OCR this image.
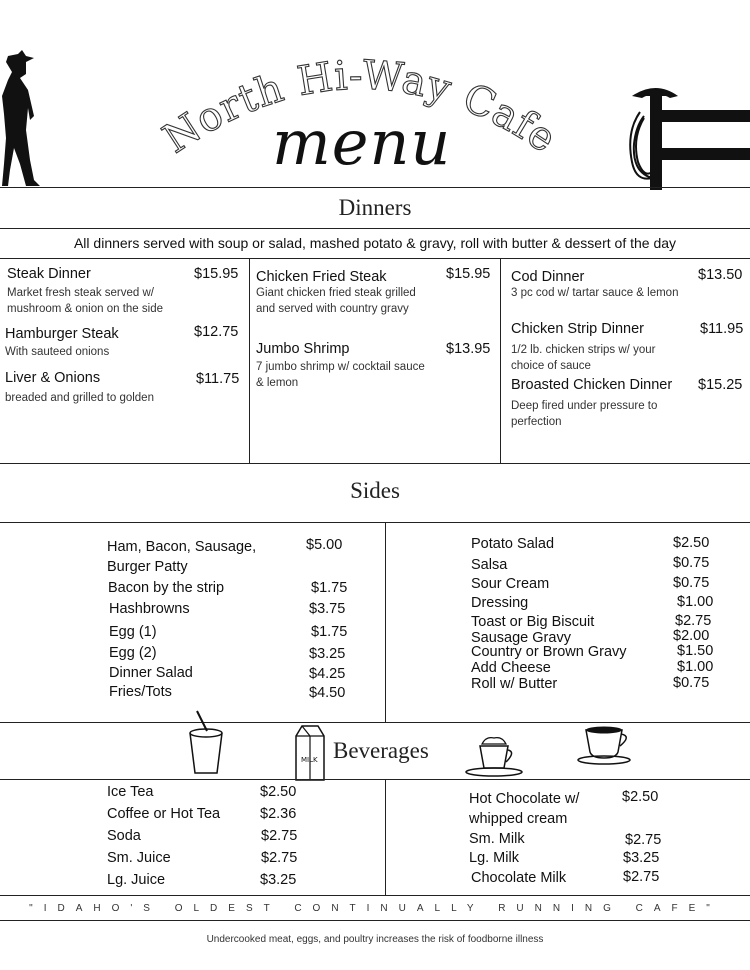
North Hi-Way Cafe
menu
Dinners
All dinners served with soup or salad, mashed potato & gravy, roll with butter & dessert of the day
Steak Dinner	$15.95
Market fresh steak served w/ mushroom & onion on the side
Hamburger Steak	$12.75
With sauteed onions
Liver & Onions	$11.75
breaded and grilled to golden
Chicken Fried Steak	$15.95
Giant chicken fried steak grilled and served with country gravy
Jumbo Shrimp	$13.95
7 jumbo shrimp w/ cocktail sauce & lemon
Cod Dinner	$13.50
3 pc cod w/ tartar sauce & lemon
Chicken Strip Dinner	$11.95
1/2 lb. chicken strips w/ your choice of sauce
Broasted Chicken Dinner $15.25
Deep fired under pressure to perfection
Sides
Ham, Bacon, Sausage, Burger Patty
$5.00
Bacon by the strip	$1.75
Hashbrowns	$3.75
Egg (1)	$1.75
Egg (2)	$3.25
Dinner Salad	$4.25
Fries/Tots	$4.50
Potato Salad	$2.50
Salsa	$0.75
Sour Cream	$0.75
Dressing	$1.00
Toast or Big Biscuit	$2.75
Sausage Gravy	$2.00
Country or Brown Gravy	$1.50
Add Cheese	$1.00
Roll w/ Butter	$0.75
MILK Beverages
Ice Tea	$2.50
Coffee or Hot Tea	$2.36
Soda	$2.75
Sm. Juice	$2.75
Lg. Juice	$3.25
Hot Chocolate w/ whipped cream
$2.50
Sm. Milk	$2.75
Lg. Milk	$3.25
Chocolate Milk	$2.75
"IDAHO'S OLDEST CONTINUALLY RUNNING CAFE"
Undercooked meat, eggs, and poultry increases the risk of foodborne illness
